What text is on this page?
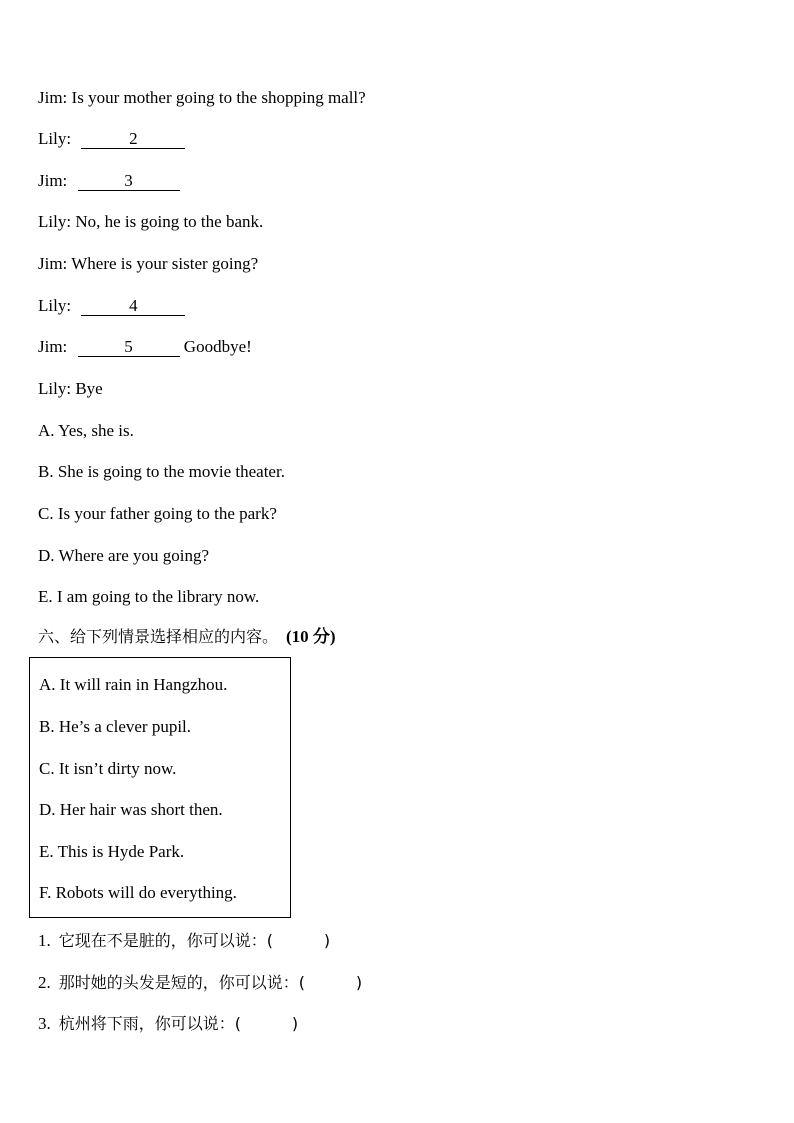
Jim: Is your mother going to the shopping mall?
Lily:	2
Jim:	3
Lily: No, he is going to the bank.
Jim: Where is your sister going?
Lily:	4
Jim:	5	Goodbye!
Lily: Bye
A. Yes, she is.
B. She is going to the movie theater.
C. Is your father going to the park?
D. Where are you going?
E. I am going to the library now.
六、给下列情景选择相应的内容。 (10 分)
A. It will rain in Hangzhou.
B. He’s a clever pupil.
C. It isn’t dirty now.
D. Her hair was short then.
E. This is Hyde Park.
F. Robots will do everything.
1. 它现在不是脏的，你可以说：(          )
2. 那时她的头发是短的，你可以说：(          )
3. 杭州将下雨，你可以说：(          )
